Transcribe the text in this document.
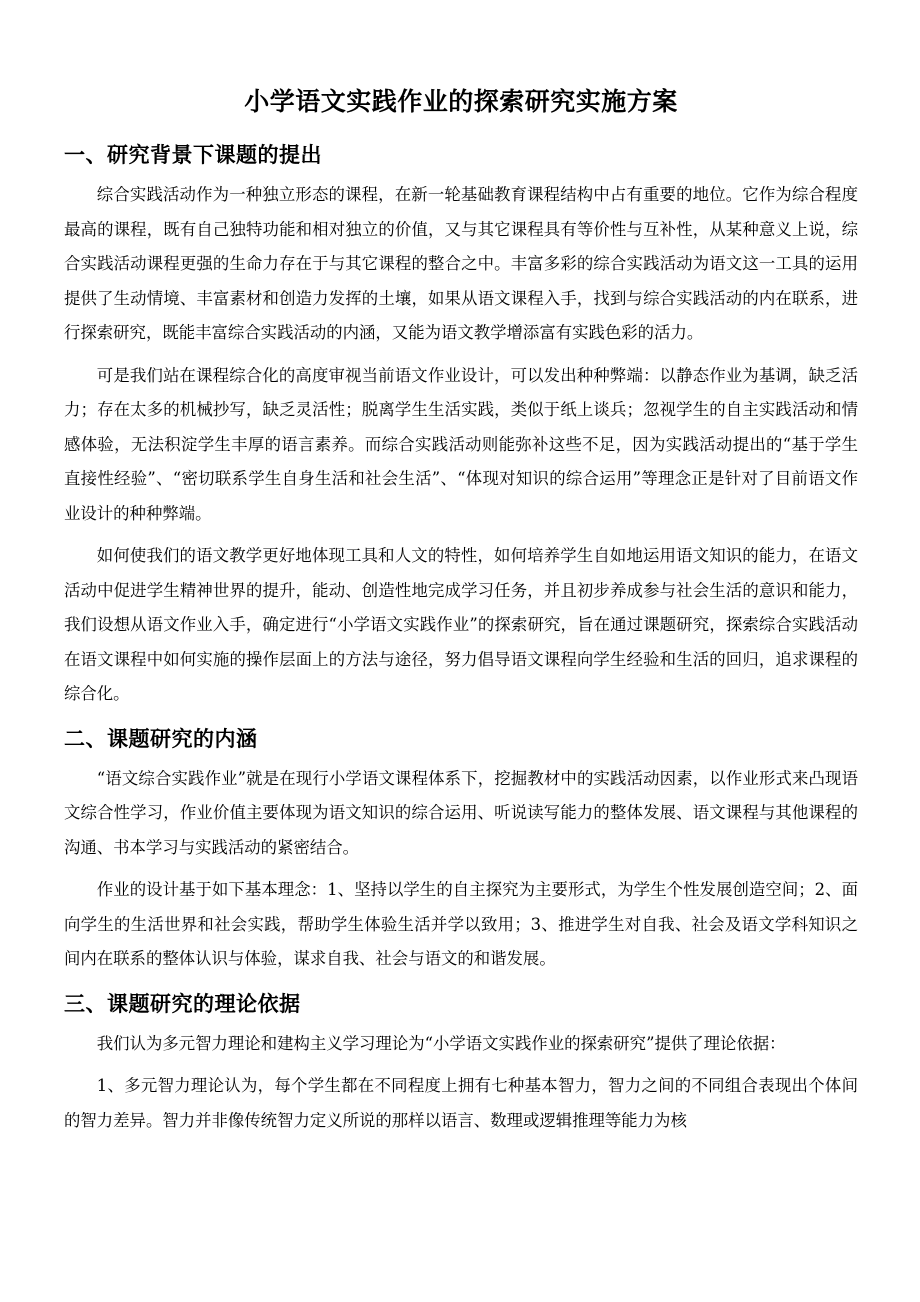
小学语文实践作业的探索研究实施方案
一、研究背景下课题的提出

综合实践活动作为一种独立形态的课程，在新一轮基础教育课程结构中占有重要的地位。它作为综合程度最高的课程，既有自己独特功能和相对独立的价值，又与其它课程具有等价性与互补性，从某种意义上说，综合实践活动课程更强的生命力存在于与其它课程的整合之中。丰富多彩的综合实践活动为语文这一工具的运用提供了生动情境、丰富素材和创造力发挥的土壤，如果从语文课程入手，找到与综合实践活动的内在联系，进行探索研究，既能丰富综合实践活动的内涵，又能为语文教学增添富有实践色彩的活力。

可是我们站在课程综合化的高度审视当前语文作业设计，可以发出种种弊端：以静态作业为基调，缺乏活力；存在太多的机械抄写，缺乏灵活性；脱离学生生活实践，类似于纸上谈兵；忽视学生的自主实践活动和情感体验，无法积淀学生丰厚的语言素养。而综合实践活动则能弥补这些不足，因为实践活动提出的“基于学生直接性经验”、“密切联系学生自身生活和社会生活”、“体现对知识的综合运用”等理念正是针对了目前语文作业设计的种种弊端。

如何使我们的语文教学更好地体现工具和人文的特性，如何培养学生自如地运用语文知识的能力，在语文活动中促进学生精神世界的提升，能动、创造性地完成学习任务，并且初步养成参与社会生活的意识和能力，我们设想从语文作业入手，确定进行“小学语文实践作业”的探索研究，旨在通过课题研究，探索综合实践活动在语文课程中如何实施的操作层面上的方法与途径，努力倡导语文课程向学生经验和生活的回归，追求课程的综合化。

二、课题研究的内涵

“语文综合实践作业”就是在现行小学语文课程体系下，挖掘教材中的实践活动因素，以作业形式来凸现语文综合性学习，作业价值主要体现为语文知识的综合运用、听说读写能力的整体发展、语文课程与其他课程的沟通、书本学习与实践活动的紧密结合。

作业的设计基于如下基本理念：1、坚持以学生的自主探究为主要形式，为学生个性发展创造空间；2、面向学生的生活世界和社会实践，帮助学生体验生活并学以致用；3、推进学生对自我、社会及语文学科知识之间内在联系的整体认识与体验，谋求自我、社会与语文的和谐发展。

三、课题研究的理论依据

我们认为多元智力理论和建构主义学习理论为“小学语文实践作业的探索研究”提供了理论依据：

1、多元智力理论认为，每个学生都在不同程度上拥有七种基本智力，智力之间的不同组合表现出个体间的智力差异。智力并非像传统智力定义所说的那样以语言、数理或逻辑推理等能力为核
